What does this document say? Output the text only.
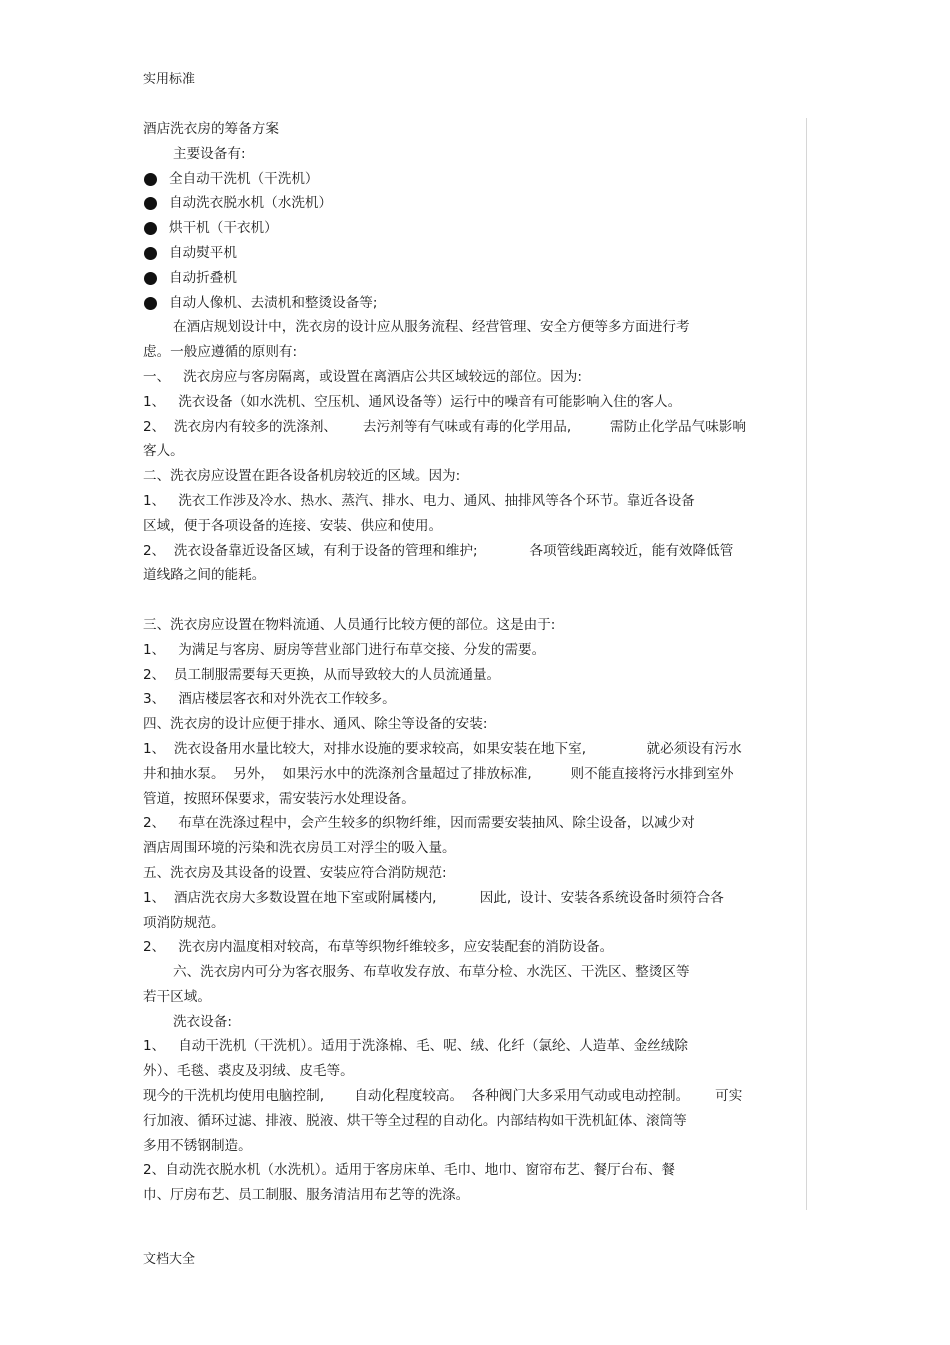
实用标准
酒店洗衣房的筹备方案
主要设备有:
全自动干洗机（干洗机）
自动洗衣脱水机（水洗机）
烘干机（干衣机）
自动熨平机
自动折叠机
自动人像机、去渍机和整烫设备等;
在酒店规划设计中，洗衣房的设计应从服务流程、经营管理、安全方便等多方面进行考
虑。一般应遵循的原则有:
一、   洗衣房应与客房隔离，或设置在离酒店公共区域较远的部位。因为:
1、   洗衣设备（如水洗机、空压机、通风设备等）运行中的噪音有可能影响入住的客人。
2、  洗衣房内有较多的洗涤剂、      去污剂等有气味或有毒的化学用品,         需防止化学品气味影响
客人。
二、洗衣房应设置在距各设备机房较近的区域。因为:
1、   洗衣工作涉及冷水、热水、蒸汽、排水、电力、通风、抽排风等各个环节。靠近各设备
区域，便于各项设备的连接、安装、供应和使用。
2、  洗衣设备靠近设备区域，有利于设备的管理和维护;            各项管线距离较近，能有效降低管
道线路之间的能耗。
三、洗衣房应设置在物料流通、人员通行比较方便的部位。这是由于:
1、   为满足与客房、厨房等营业部门进行布草交接、分发的需要。
2、  员工制服需要每天更换，从而导致较大的人员流通量。
3、   酒店楼层客衣和对外洗衣工作较多。
四、洗衣房的设计应便于排水、通风、除尘等设备的安装:
1、  洗衣设备用水量比较大，对排水设施的要求较高，如果安装在地下室,              就必须设有污水
井和抽水泵。  另外，  如果污水中的洗涤剂含量超过了排放标准,         则不能直接将污水排到室外
管道，按照环保要求，需安装污水处理设备。
2、   布草在洗涤过程中，会产生较多的织物纤维，因而需要安装抽风、除尘设备，以减少对
酒店周围环境的污染和洗衣房员工对浮尘的吸入量。
五、洗衣房及其设备的设置、安装应符合消防规范:
1、  酒店洗衣房大多数设置在地下室或附属楼内,          因此,  设计、安装各系统设备时须符合各
项消防规范。
2、   洗衣房内温度相对较高，布草等织物纤维较多，应安装配套的消防设备。
六、洗衣房内可分为客衣服务、布草收发存放、布草分检、水洗区、干洗区、整烫区等
若干区域。
洗衣设备:
1、   自动干洗机（干洗机）。适用于洗涤棉、毛、呢、绒、化纤（氯纶、人造革、金丝绒除
外）、毛毯、裘皮及羽绒、皮毛等。
现今的干洗机均使用电脑控制,       自动化程度较高。  各种阀门大多采用气动或电动控制。      可实
行加液、循环过滤、排液、脱液、烘干等全过程的自动化。内部结构如干洗机缸体、滚筒等
多用不锈钢制造。
2、自动洗衣脱水机（水洗机）。适用于客房床单、毛巾、地巾、窗帘布艺、餐厅台布、餐
巾、厅房布艺、员工制服、服务清洁用布艺等的洗涤。
文档大全
